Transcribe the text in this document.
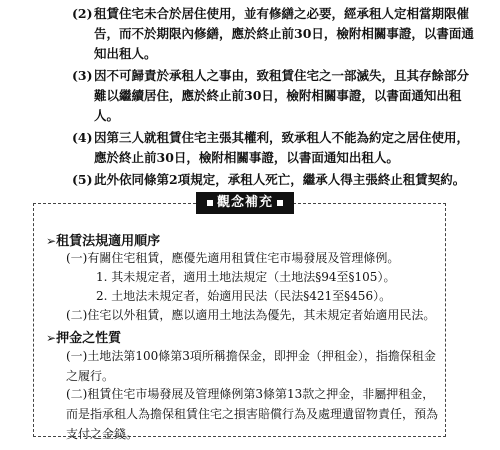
(2)租賃住宅未合於居住使用，並有修繕之必要，經承租人定相當期限催告，而不於期限內修繕，應於終止前30日，檢附相關事證，以書面通知出租人。
(3)因不可歸責於承租人之事由，致租賃住宅之一部滅失，且其存餘部分難以繼續居住，應於終止前30日，檢附相關事證，以書面通知出租人。
(4)因第三人就租賃住宅主張其權利，致承租人不能為約定之居住使用，應於終止前30日，檢附相關事證，以書面通知出租人。
(5)此外依同條第2項規定，承租人死亡，繼承人得主張終止租賃契約。
觀念補充
➢租賃法規適用順序
(一)有關住宅租賃，應優先適用租賃住宅市場發展及管理條例。
1. 其未規定者，適用土地法規定（土地法§94至§105）。
2. 土地法未規定者，始適用民法（民法§421至§456）。
(二)住宅以外租賃，應以適用土地法為優先，其未規定者始適用民法。
➢押金之性質
(一)土地法第100條第3項所稱擔保金，即押金（押租金），指擔保租金之履行。
(二)租賃住宅市場發展及管理條例第3條第13款之押金，非屬押租金，而是指承租人為擔保租賃住宅之損害賠償行為及處理遺留物責任，預為支付之金錢。
